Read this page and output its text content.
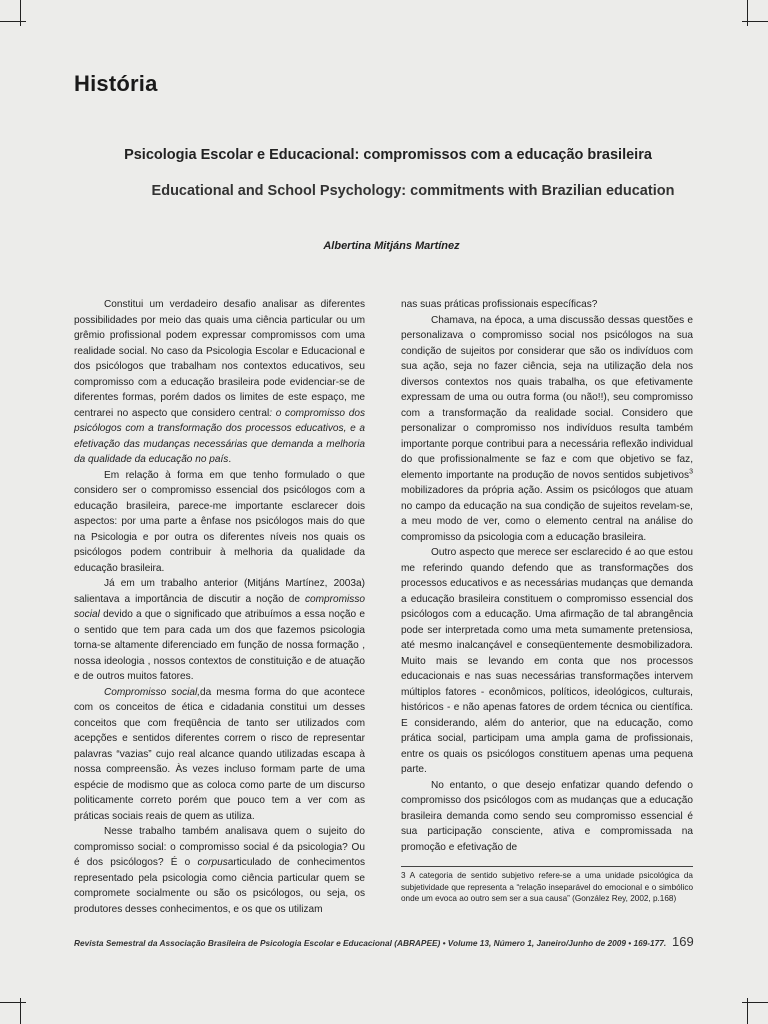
História
Psicologia Escolar e Educacional: compromissos com a educação brasileira
Educational and School Psychology: commitments with Brazilian education

Albertina Mitjáns Martínez

Constitui um verdadeiro desafio analisar as diferentes possibilidades por meio das quais uma ciência particular ou um grêmio profissional podem expressar compromissos com uma realidade social. No caso da Psicologia Escolar e Educacional e dos psicólogos que trabalham nos contextos educativos, seu compromisso com a educação brasileira pode evidenciar-se de diferentes formas, porém dados os limites de este espaço, me centrarei no aspecto que considero central: o compromisso dos psicólogos com a transformação dos processos educativos, e a efetivação das mudanças necessárias que demanda a melhoria da qualidade da educação no país.

Em relação à forma em que tenho formulado o que considero ser o compromisso essencial dos psicólogos com a educação brasileira, parece-me importante esclarecer dois aspectos: por uma parte a ênfase nos psicólogos mais do que na Psicologia e por outra os diferentes níveis nos quais os psicólogos podem contribuir à melhoria da qualidade da educação brasileira.

Já em um trabalho anterior (Mitjáns Martínez, 2003a) salientava a importância de discutir a noção de compromisso social devido a que o significado que atribuímos a essa noção e o sentido que tem para cada um dos que fazemos psicologia torna-se altamente diferenciado em função de nossa formação , nossa ideologia , nossos contextos de constituição e de atuação e de outros muitos fatores.

Compromisso social,da mesma forma do que acontece com os conceitos de ética e cidadania constitui um desses conceitos que com freqüência de tanto ser utilizados com acepções e sentidos diferentes correm o risco de representar palavras “vazias” cujo real alcance quando utilizadas escapa à nossa compreensão. Às vezes incluso formam parte de uma espécie de modismo que as coloca como parte de um discurso politicamente correto porém que pouco tem a ver com as práticas sociais reais de quem as utiliza.

Nesse trabalho também analisava quem o sujeito do compromisso social: o compromisso social é da psicologia? Ou é dos psicólogos? É o corpusarticulado de conhecimentos representado pela psicologia como ciência particular quem se compromete socialmente ou são os psicólogos, ou seja, os produtores desses conhecimentos, e os que os utilizam

nas suas práticas profissionais específicas?

Chamava, na época, a uma discussão dessas questões e personalizava o compromisso social nos psicólogos na sua condição de sujeitos por considerar que são os indivíduos com sua ação, seja no fazer ciência, seja na utilização dela nos diversos contextos nos quais trabalha, os que efetivamente expressam de uma ou outra forma (ou não!!), seu compromisso com a transformação da realidade social. Considero que personalizar o compromisso nos indivíduos resulta também importante porque contribui para a necessária reflexão individual do que profissionalmente se faz e com que objetivo se faz, elemento importante na produção de novos sentidos subjetivos$^3$ mobilizadores da própria ação. Assim os psicólogos que atuam no campo da educação na sua condição de sujeitos revelam-se, a meu modo de ver, como o elemento central na análise do compromisso da psicologia com a educação brasileira.

Outro aspecto que merece ser esclarecido é ao que estou me referindo quando defendo que as transformações dos processos educativos e as necessárias mudanças que demanda a educação brasileira constituem o compromisso essencial dos psicólogos com a educação. Uma afirmação de tal abrangência pode ser interpretada como uma meta sumamente pretensiosa, até mesmo inalcançável e conseqüentemente desmobilizadora. Muito mais se levando em conta que nos processos educacionais e nas suas necessárias transformações intervem múltiplos fatores - econômicos, políticos, ideológicos, culturais, históricos - e não apenas fatores de ordem técnica ou científica. E considerando, além do anterior, que na educação, como prática social, participam uma ampla gama de profissionais, entre os quais os psicólogos constituem apenas uma pequena parte.

No entanto, o que desejo enfatizar quando defendo o compromisso dos psicólogos com as mudanças que a educação brasileira demanda como sendo seu compromisso essencial é sua participação consciente, ativa e compromissada na promoção e efetivação de

3 A categoria de sentido subjetivo refere-se a uma unidade psicológica da subjetividade que representa a “relação inseparável do emocional e o simbólico onde um evoca ao outro sem ser a sua causa” (González Rey, 2002, p.168)

Revista Semestral da Associação Brasileira de Psicologia Escolar e Educacional (ABRAPEE) • Volume 13, Número 1, Janeiro/Junho de 2009 • 169-177. 169
